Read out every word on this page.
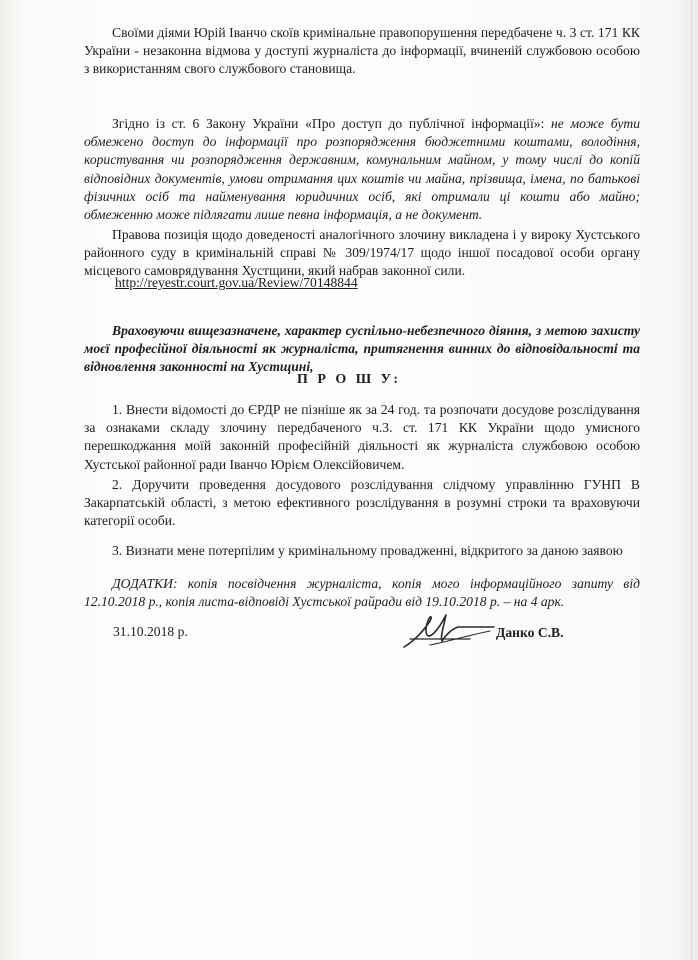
Своїми діями Юрій Іванчо скоїв кримінальне правопорушення передбачене ч. 3 ст. 171 КК України - незаконна відмова у доступі журналіста до інформації, вчиненій службовою особою з використанням свого службового становища.

Згідно із ст. 6 Закону України «Про доступ до публічної інформації»: не може бути обмежено доступ до інформації про розпорядження бюджетними коштами, володіння, користування чи розпорядження державним, комунальним майном, у тому числі до копій відповідних документів, умови отримання цих коштів чи майна, прізвища, імена, по батькові фізичних осіб та найменування юридичних осіб, які отримали ці кошти або майно; обмеженню може підлягати лише певна інформація, а не документ.

Правова позиція щодо доведеності аналогічного злочину викладена і у вироку Хустського районного суду в кримінальній справі № 309/1974/17 щодо іншої посадової особи органу місцевого самоврядування Хустщини, який набрав законної сили.

http://reyestr.court.gov.ua/Review/70148844

Враховуючи вищезазначене, характер суспільно-небезпечного діяння, з метою захисту моєї професійної діяльності як журналіста, притягнення винних до відповідальності та відновлення законності на Хустщині,

П Р О Ш У:

1. Внести відомості до ЄРДР не пізніше як за 24 год. та розпочати досудове розслідування за ознаками складу злочину передбаченого ч.3. ст. 171 КК України щодо умисного перешкоджання моїй законній професійній діяльності як журналіста службовою особою Хустської районної ради Іванчо Юрієм Олексійовичем.

2. Доручити проведення досудового розслідування слідчому управлінню ГУНП В Закарпатській області, з метою ефективного розслідування в розумні строки та враховуючи категорії особи.

3. Визнати мене потерпілим у кримінальному провадженні, відкритого за даною заявою

ДОДАТКИ: копія посвідчення журналіста, копія мого інформаційного запиту від 12.10.2018 р., копія листа-відповіді Хустської райради від 19.10.2018 р. – на 4 арк.

31.10.2018 р.	Данко С.В.
